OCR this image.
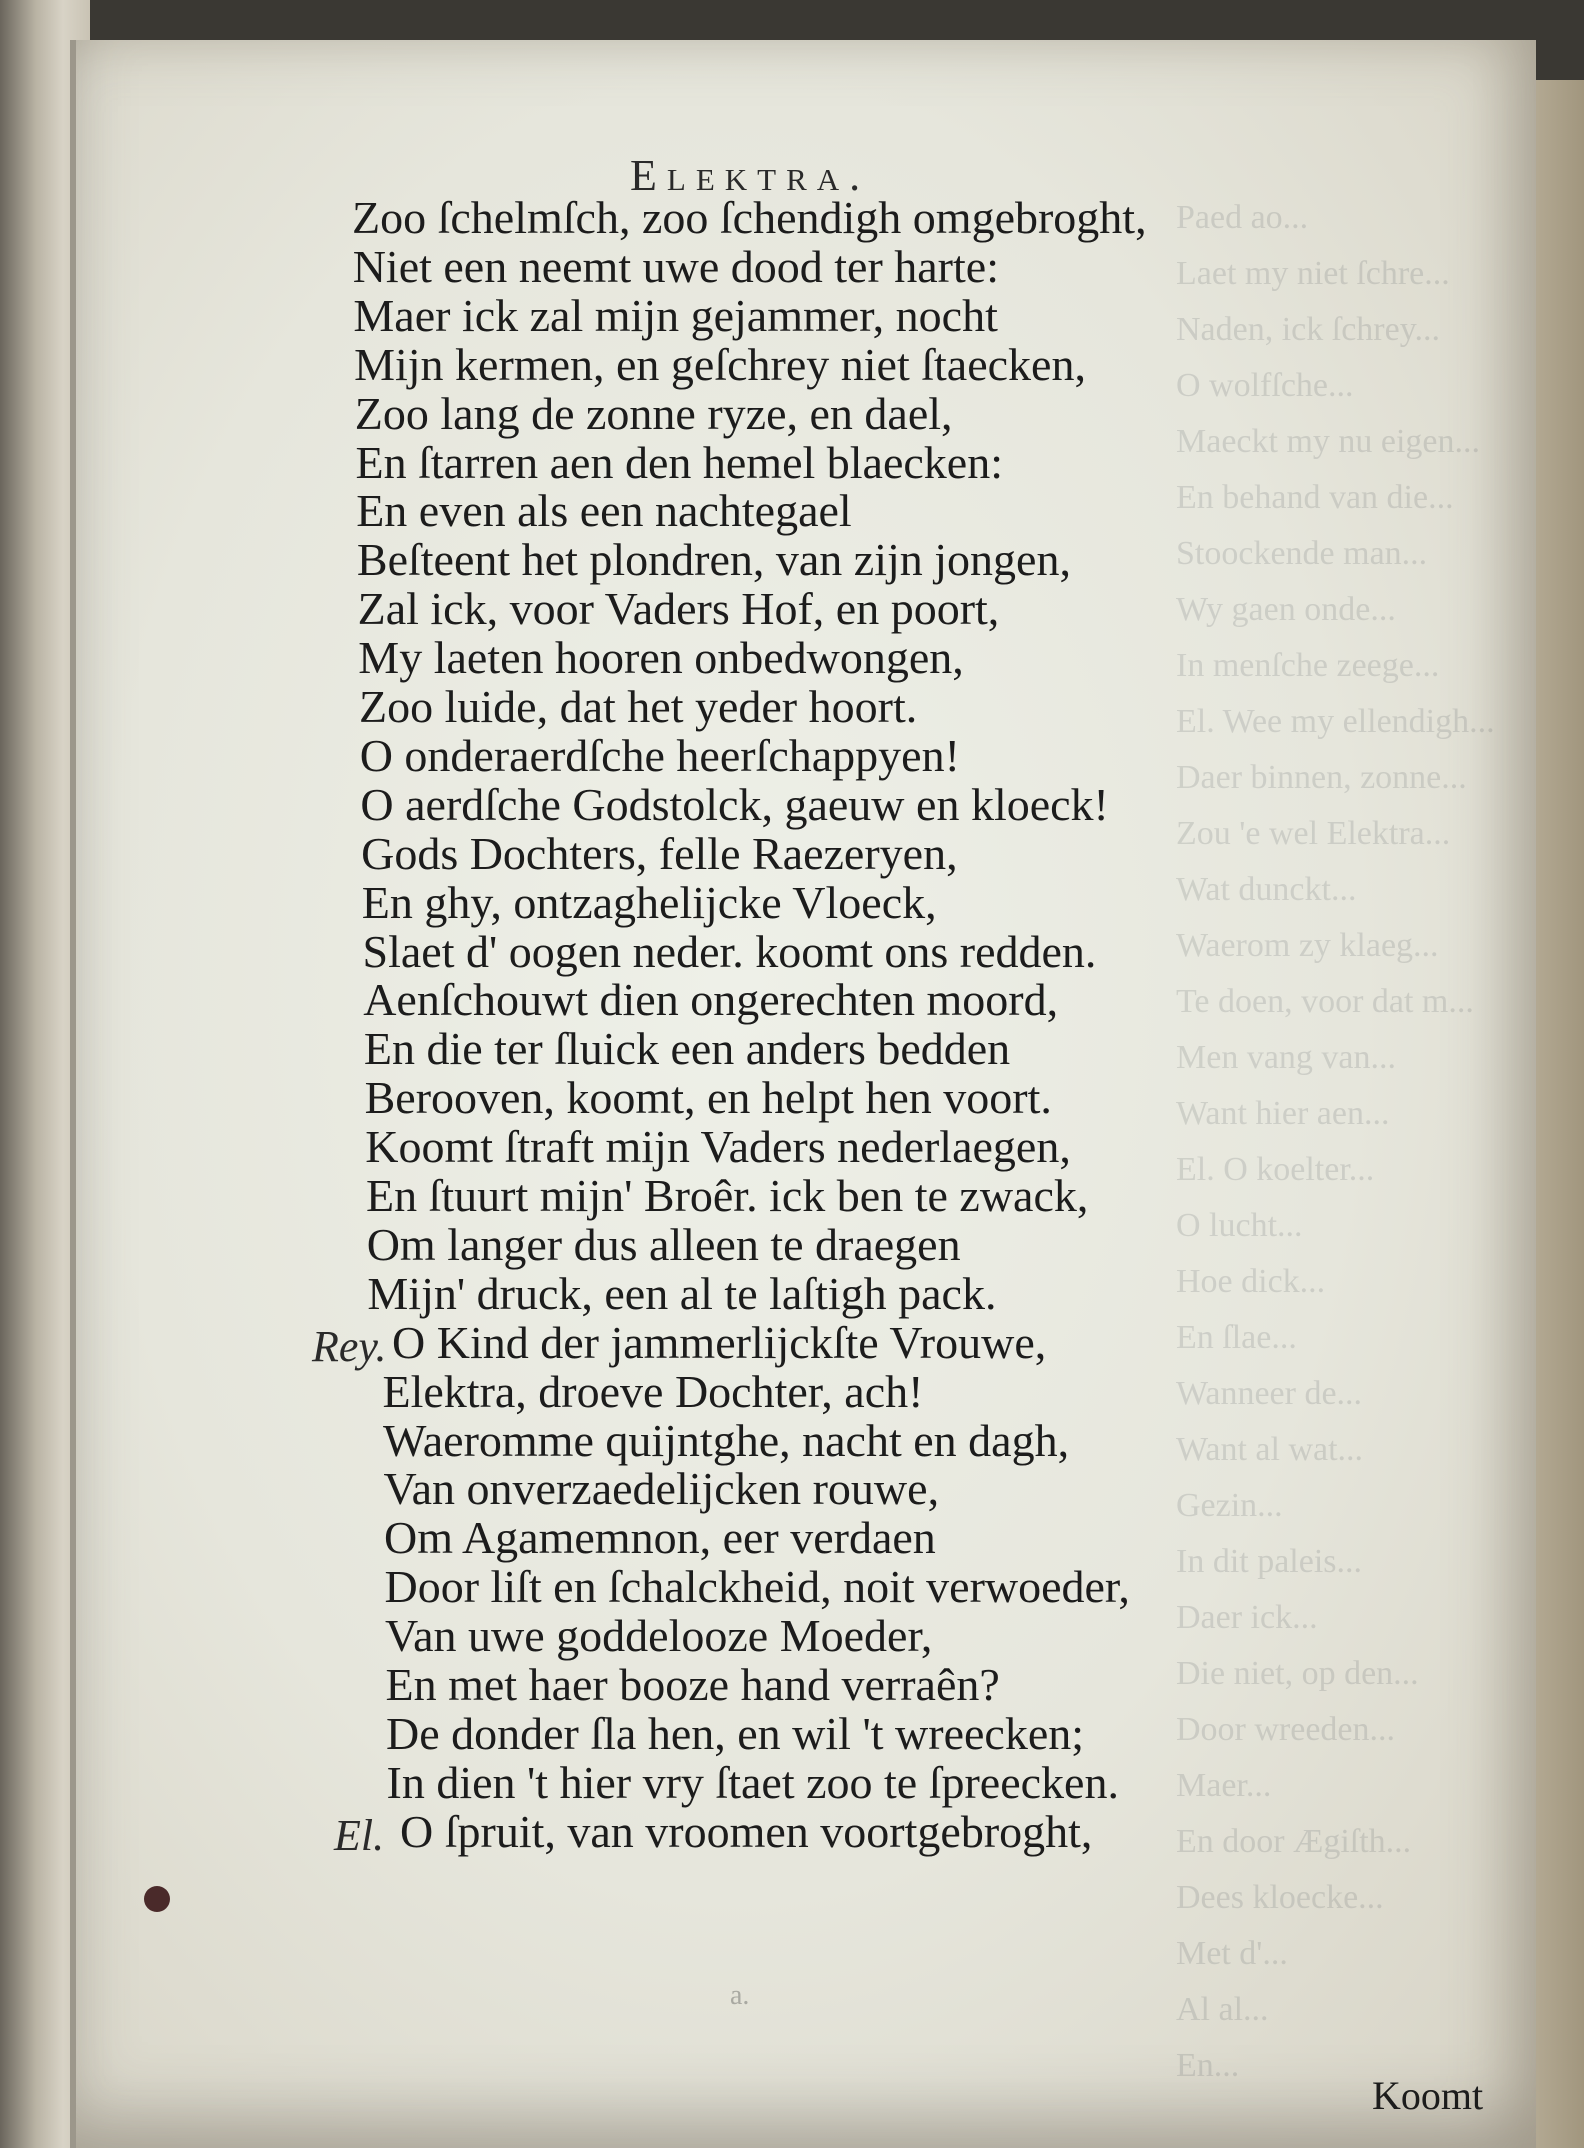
Paed ao...
Laet my niet ſchre...
Naden, ick ſchrey...
O wolfſche...
Maeckt my nu eigen...
En behand van die...
Stoockende man...
Wy gaen onde...
In menſche zeege...
El. Wee my ellendigh...
Daer binnen, zonne...
Zou 'e wel Elektra...
Wat dunckt...
Waerom zy klaeg...
Te doen, voor dat m...
Men vang van...
Want hier aen...
El. O koelter...
O lucht...
Hoe dick...
En ſlae...
Wanneer de...
Want al wat...
Gezin...
In dit paleis...
Daer ick...
Die niet, op den...
Door wreeden...
Maer...
En door Ægiſth...
Dees kloecke...
Met d'...
Al al...
En...
Elektra.
Zoo ſchelmſch, zoo ſchendigh omgebroght,
Niet een neemt uwe dood ter harte:
Maer ick zal mijn gejammer, nocht
Mijn kermen, en geſchrey niet ſtaecken,
Zoo lang de zonne ryze, en dael,
En ſtarren aen den hemel blaecken:
En even als een nachtegael
Beſteent het plondren, van zijn jongen,
Zal ick, voor Vaders Hof, en poort,
My laeten hooren onbedwongen,
Zoo luide, dat het yeder hoort.
O onderaerdſche heerſchappyen!
O aerdſche Godstolck, gaeuw en kloeck!
Gods Dochters, felle Raezeryen,
En ghy, ontzaghelijcke Vloeck,
Slaet d' oogen neder. koomt ons redden.
Aenſchouwt dien ongerechten moord,
En die ter ſluick een anders bedden
Berooven, koomt, en helpt hen voort.
Koomt ſtraft mijn Vaders nederlaegen,
En ſtuurt mijn' Broêr. ick ben te zwack,
Om langer dus alleen te draegen
Mijn' druck, een al te laſtigh pack.
Rey. O Kind der jammerlijckſte Vrouwe,
Elektra, droeve Dochter, ach!
Waeromme quijntghe, nacht en dagh,
Van onverzaedelijcken rouwe,
Om Agamemnon, eer verdaen
Door liſt en ſchalckheid, noit verwoeder,
Van uwe goddelooze Moeder,
En met haer booze hand verraên?
De donder ſla hen, en wil 't wreecken;
In dien 't hier vry ſtaet zoo te ſpreecken.
El. O ſpruit, van vroomen voortgebroght,
a.
Koomt
